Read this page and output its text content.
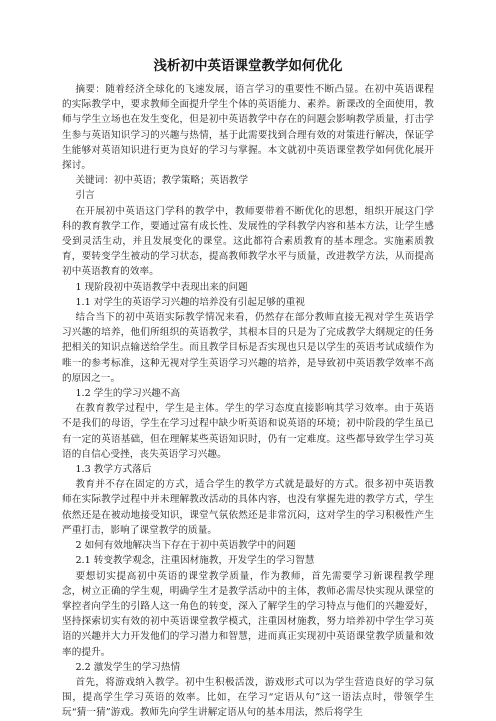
浅析初中英语课堂教学如何优化

摘要：随着经济全球化的飞速发展，语言学习的重要性不断凸显。在初中英语课程的实际教学中，要求教师全面提升学生个体的英语能力、素养。新课改的全面使用，教师与学生立场也在发生变化，但是初中英语教学中存在的问题会影响教学质量，打击学生参与英语知识学习的兴趣与热情，基于此需要找到合理有效的对策进行解决，保证学生能够对英语知识进行更为良好的学习与掌握。本文就初中英语课堂教学如何优化展开探讨。

关键词：初中英语；教学策略；英语教学

引言

在开展初中英语这门学科的教学中，教师要带着不断优化的思想，组织开展这门学科的教育教学工作，要通过富有成长性、发展性的学科教学内容和基本方法，让学生感受到灵活生动，并且发展变化的课堂。这此都符合素质教育的基本理念。实施素质教育，要转变学生被动的学习状态，提高教师教学水平与质量，改进教学方法，从而提高初中英语教育的效率。

1 现阶段初中英语教学中表现出来的问题

1.1 对学生的英语学习兴趣的培养没有引起足够的重视

结合当下的初中英语实际教学情况来看，仍然存在部分教师直接无视对学生英语学习兴趣的培养，他们所组织的英语教学，其根本目的只是为了完成教学大纲规定的任务把相关的知识点输送给学生。而且教学目标是否实现也只是以学生的英语考试成绩作为唯一的参考标准，这种无视对学生英语学习兴趣的培养，是导致初中英语教学效率不高的原因之一。

1.2 学生的学习兴趣不高

在教育教学过程中，学生是主体。学生的学习态度直接影响其学习效率。由于英语不是我们的母语，学生在学习过程中缺少听英语和说英语的环境；初中阶段的学生虽已有一定的英语基础，但在理解某些英语知识时，仍有一定难度。这些都导致学生学习英语的自信心受挫，丧失英语学习兴趣。

1.3 教学方式落后

教育并不存在固定的方式，适合学生的教学方式就是最好的方式。很多初中英语教师在实际教学过程中并未理解教改活动的具体内容，也没有掌握先进的教学方式，学生依然还是在被动地接受知识，课堂气氛依然还是非常沉闷，这对学生的学习积极性产生严重打击，影响了课堂教学的质量。

2 如何有效地解决当下存在于初中英语教学中的问题

2.1 转变教学观念，注重因材施教，开发学生的学习智慧

要想切实提高初中英语的课堂教学质量，作为教师，首先需要学习新课程教学理念，树立正确的学生观，明确学生才是教学活动中的主体，教师必需尽快实现从课堂的掌控者向学生的引路人这一角色的转变，深入了解学生的学习特点与他们的兴趣爱好，坚持探索切实有效的初中英语课堂教学模式，注重因材施教，努力培养初中学生学习英语的兴趣并大力开发他们的学习潜力和智慧，进而真正实现初中英语课堂教学质量和效率的提升。

2.2 激发学生的学习热情

首先，将游戏纳入教学。初中生积极活泼，游戏形式可以为学生营造良好的学习氛围，提高学生学习英语的效率。比如，在学习“定语从句”这一语法点时，带领学生玩“猜一猜”游戏。教师先向学生讲解定语从句的基本用法，然后将学生
